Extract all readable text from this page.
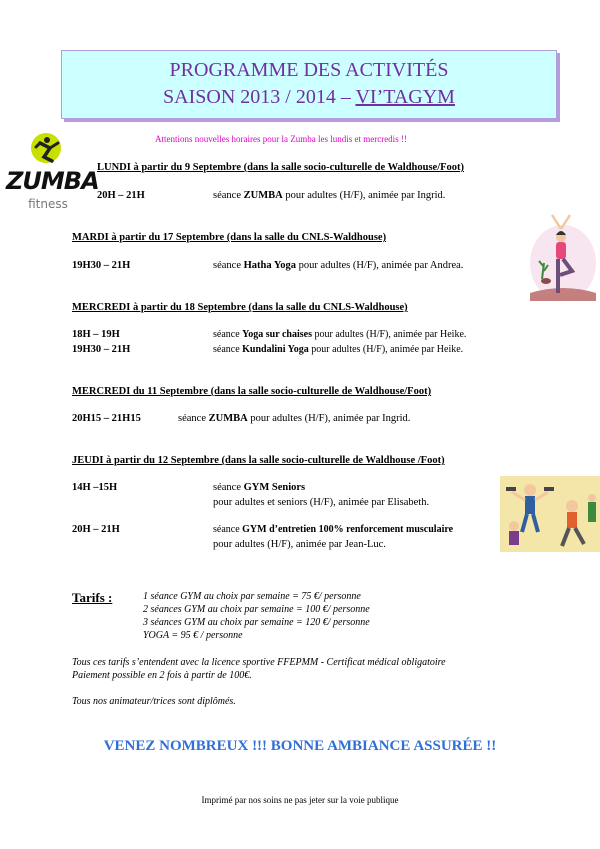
PROGRAMME DES ACTIVITÉS
SAISON 2013 / 2014 – VI’TAGYM
Attentions nouvelles horaires pour la Zumba les lundis et mercredis !!
ZUMBA
fitness
LUNDI à partir du 9 Septembre (dans la salle socio-culturelle de Waldhouse/Foot)
20H – 21H	séance ZUMBA pour adultes (H/F), animée par Ingrid.
MARDI à partir du 17 Septembre (dans la salle du CNLS-Waldhouse)
19H30 – 21H	séance Hatha Yoga pour adultes (H/F), animée par Andrea.
MERCREDI à partir du 18 Septembre (dans la salle du CNLS-Waldhouse)
18H – 19H	séance Yoga sur chaises pour adultes (H/F), animée par Heike.
19H30 – 21H	séance Kundalini Yoga pour adultes (H/F), animée par Heike.
MERCREDI du 11 Septembre (dans la salle socio-culturelle de Waldhouse/Foot)
20H15 – 21H15	séance ZUMBA pour adultes (H/F), animée par Ingrid.
JEUDI à partir du 12 Septembre (dans la salle socio-culturelle de Waldhouse /Foot)
14H –15H	séance GYM Seniors
pour adultes et seniors (H/F), animée par Elisabeth.
20H – 21H	séance GYM d’entretien 100% renforcement musculaire
pour adultes (H/F), animée par Jean-Luc.
Tarifs :	1 séance GYM au choix par semaine = 75 €/ personne
2 séances GYM au choix par semaine = 100 €/ personne
3 séances GYM au choix par semaine = 120 €/ personne
YOGA = 95 € / personne
Tous ces tarifs s’entendent avec la licence sportive FFEPMM - Certificat médical obligatoire
Paiement possible en 2 fois à partir de 100€.
Tous nos animateur/trices sont diplômés.
VENEZ NOMBREUX !!! BONNE AMBIANCE ASSURÉE !!
Imprimé par nos soins ne pas jeter sur la voie publique
